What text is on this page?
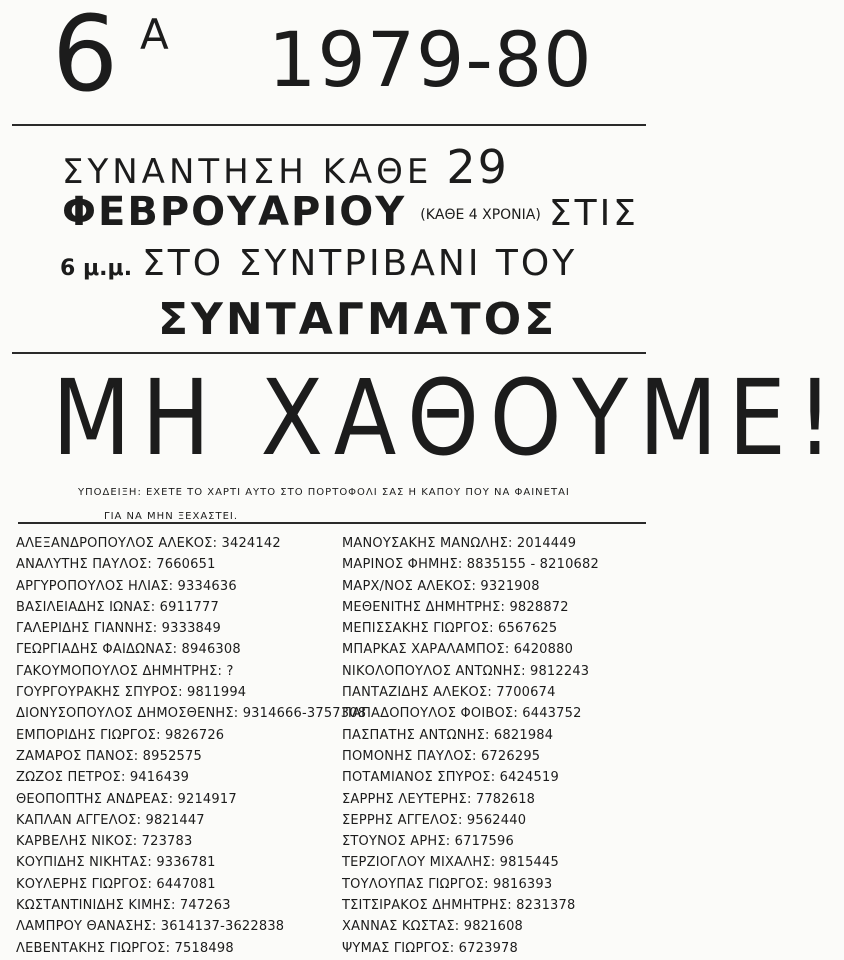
6 Α 1979-80
ΣΥΝΑΝΤΗΣΗ ΚΑΘΕ 29
ΦΕΒΡΟΥΑΡΙΟΥ (ΚΑΘΕ 4 ΧΡΟΝΙΑ) ΣΤΙΣ
6 μ.μ. ΣΤΟ ΣΥΝΤΡΙΒΑΝΙ ΤΟΥ
ΣΥΝΤΑΓΜΑΤΟΣ
ΜΗ ΧΑΘΟΥΜΕ!
ΥΠΟΔΕΙΞΗ: ΕΧΕΤΕ ΤΟ ΧΑΡΤΙ ΑΥΤΟ ΣΤΟ ΠΟΡΤΟΦΟΛΙ ΣΑΣ Η ΚΑΠΟΥ ΠΟΥ ΝΑ ΦΑΙΝΕΤΑΙ
ΓΙΑ ΝΑ ΜΗΝ ΞΕΧΑΣΤΕΙ.
ΑΛΕΞΑΝΔΡΟΠΟΥΛΟΣ ΑΛΕΚΟΣ: 3424142
ΑΝΑΛΥΤΗΣ ΠΑΥΛΟΣ: 7660651
ΑΡΓΥΡΟΠΟΥΛΟΣ ΗΛΙΑΣ: 9334636
ΒΑΣΙΛΕΙΑΔΗΣ ΙΩΝΑΣ: 6911777
ΓΑΛΕΡΙΔΗΣ ΓΙΑΝΝΗΣ: 9333849
ΓΕΩΡΓΙΑΔΗΣ ΦΑΙΔΩΝΑΣ: 8946308
ΓΑΚΟΥΜΟΠΟΥΛΟΣ ΔΗΜΗΤΡΗΣ: ?
ΓΟΥΡΓΟΥΡΑΚΗΣ ΣΠΥΡΟΣ: 9811994
ΔΙΟΝΥΣΟΠΟΥΛΟΣ ΔΗΜΟΣΘΕΝΗΣ: 9314666-3757308
ΕΜΠΟΡΙΔΗΣ ΓΙΩΡΓΟΣ: 9826726
ΖΑΜΑΡΟΣ ΠΑΝΟΣ: 8952575
ΖΩΖΟΣ ΠΕΤΡΟΣ: 9416439
ΘΕΟΠΟΠΤΗΣ ΑΝΔΡΕΑΣ: 9214917
ΚΑΠΛΑΝ ΑΓΓΕΛΟΣ: 9821447
ΚΑΡΒΕΛΗΣ ΝΙΚΟΣ: 723783
ΚΟΥΠΙΔΗΣ ΝΙΚΗΤΑΣ: 9336781
ΚΟΥΛΕΡΗΣ ΓΙΩΡΓΟΣ: 6447081
ΚΩΣΤΑΝΤΙΝΙΔΗΣ ΚΙΜΗΣ: 747263
ΛΑΜΠΡΟΥ ΘΑΝΑΣΗΣ: 3614137-3622838
ΛΕΒΕΝΤΑΚΗΣ ΓΙΩΡΓΟΣ: 7518498
ΜΑΝΟΥΣΑΚΗΣ ΜΑΝΩΛΗΣ: 2014449
ΜΑΡΙΝΟΣ ΦΗΜΗΣ: 8835155 - 8210682
ΜΑΡΧ/ΝΟΣ ΑΛΕΚΟΣ: 9321908
ΜΕΘΕΝΙΤΗΣ ΔΗΜΗΤΡΗΣ: 9828872
ΜΕΠΙΣΣΑΚΗΣ ΓΙΩΡΓΟΣ: 6567625
ΜΠΑΡΚΑΣ ΧΑΡΑΛΑΜΠΟΣ: 6420880
ΝΙΚΟΛΟΠΟΥΛΟΣ ΑΝΤΩΝΗΣ: 9812243
ΠΑΝΤΑΖΙΔΗΣ ΑΛΕΚΟΣ: 7700674
ΠΑΠΑΔΟΠΟΥΛΟΣ ΦΟΙΒΟΣ: 6443752
ΠΑΣΠΑΤΗΣ ΑΝΤΩΝΗΣ: 6821984
ΠΟΜΟΝΗΣ ΠΑΥΛΟΣ: 6726295
ΠΟΤΑΜΙΑΝΟΣ ΣΠΥΡΟΣ: 6424519
ΣΑΡΡΗΣ ΛΕΥΤΕΡΗΣ: 7782618
ΣΕΡΡΗΣ ΑΓΓΕΛΟΣ: 9562440
ΣΤΟΥΝΟΣ ΑΡΗΣ: 6717596
ΤΕΡΖΙΟΓΛΟΥ ΜΙΧΑΛΗΣ: 9815445
ΤΟΥΛΟΥΠΑΣ ΓΙΩΡΓΟΣ: 9816393
ΤΣΙΤΣΙΡΑΚΟΣ ΔΗΜΗΤΡΗΣ: 8231378
ΧΑΝΝΑΣ ΚΩΣΤΑΣ: 9821608
ΨΥΜΑΣ ΓΙΩΡΓΟΣ: 6723978
